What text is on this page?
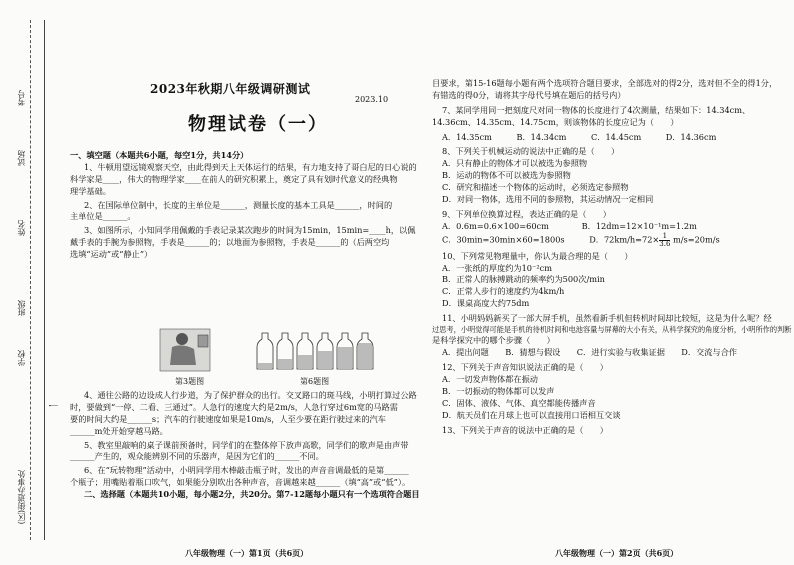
考号
试场
姓名
班级
学校
(区)街道办事处
一
2023年秋期八年级调研测试
2023.10
物理试卷（一）

一、填空题（本题共6小题，每空1分，共14分）

1、牛顿用望远镜观察天空，由此得到天上天体运行的结果，有力地支持了哥白尼的日心说的

科学家是____，伟大的物理学家____在前人的研究积累上，奠定了具有划时代意义的经典物

理学基础。

2、在国际单位制中，长度的主单位是______，测量长度的基本工具是______，时间的

主单位是______。

3、如图所示，小知同学用佩戴的手表记录某次跑步的时间为15min，15min=____h，以佩

戴手表的手腕为参照物，手表是______的；以地面为参照物，手表是______的（后两空均

选填“运动”或“静止”）

第3题图	第6题图

4、通往公路的边设成人行步道，为了保护群众的出行。交叉路口的斑马线，小明打算过公路

时，要做到“一停、二看、三通过”。人急行的速度大约是2m/s，人急行穿过6m宽的马路需

要的时间大约是______s；汽车的行驶速度如果是10m/s，人至少要在距行驶过来的汽车

______m处开始穿越马路。

5、教室里敲响的桌子课前预备时，同学们的在整体停下放声高歌，同学们的歌声是由声带

______产生的，观众能辨别不同的乐器声，是因为它们的______不同。

6、在“玩转物理”活动中，小明同学用木棒敲击瓶子时，发出的声音音调最低的是第______

个瓶子；用嘴贴着瓶口吹气，如果能分别吹出各种声音，音调越来越______（填“高”或“低”）。

二、选择题（本题共10小题，每小题2分，共20分。第7-12题每小题只有一个选项符合题目

八年级物理（一）第1页（共6页）

目要求，第15-16题每小题有两个选项符合题目要求，全部选对的得2分，选对但不全的得1分，

有错选的得0分，请将其字母代号填在题后的括号内）

7、某同学用同一把刻度尺对同一物体的长度进行了4次测量，结果如下：14.34cm、

14.36cm、14.35cm、14.75cm，则该物体的长度应记为（　　）

A．14.35cm　　　B．14.34cm　　　C．14.45cm　　　D．14.36cm

8、下列关于机械运动的说法中正确的是（　　）

A．只有静止的物体才可以被选为参照物

B．运动的物体不可以被选为参照物

C．研究和描述一个物体的运动时，必须选定参照物

D．对同一物体，选用不同的参照物，其运动情况一定相同

9、下列单位换算过程，表达正确的是（　　）

A．0.6m=0.6×100=60cm　　　　B．12dm=12×10⁻¹m=1.2m

C．30min=30min×60=1800s　　　D．$72km/h=72\times \frac{1}{3.6} m/s=20m/s$

10、下列常见物理量中，你认为最合理的是（　　）

A．一张纸的厚度约为10⁻²cm

B．正常人的脉搏跳动的频率约为500次/min

C．正常人步行的速度约为4km/h

D．课桌高度大约75dm

11、小明妈妈新买了一部大屏手机，虽然看新手机但转机时间却比较短，这是为什么呢？经

过思考，小明觉得可能是手机的待机时间和电池容量与屏幕的大小有关，从科学探究的角度分析，小明所作的判断

是科学探究中的哪个步骤（　　）

A．提出问题　　B．猜想与假设　　C．进行实验与收集证据　　D．交流与合作

12、下列关于声音知识说法正确的是（　　）

A．一切发声物体都在振动

B．一切振动的物体都可以发声

C．固体、液体、气体、真空都能传播声音

D．航天员们在月球上也可以直接用口语相互交谈

13、下列关于声音的说法中正确的是（　　）

八年级物理（一）第2页（共6页）
